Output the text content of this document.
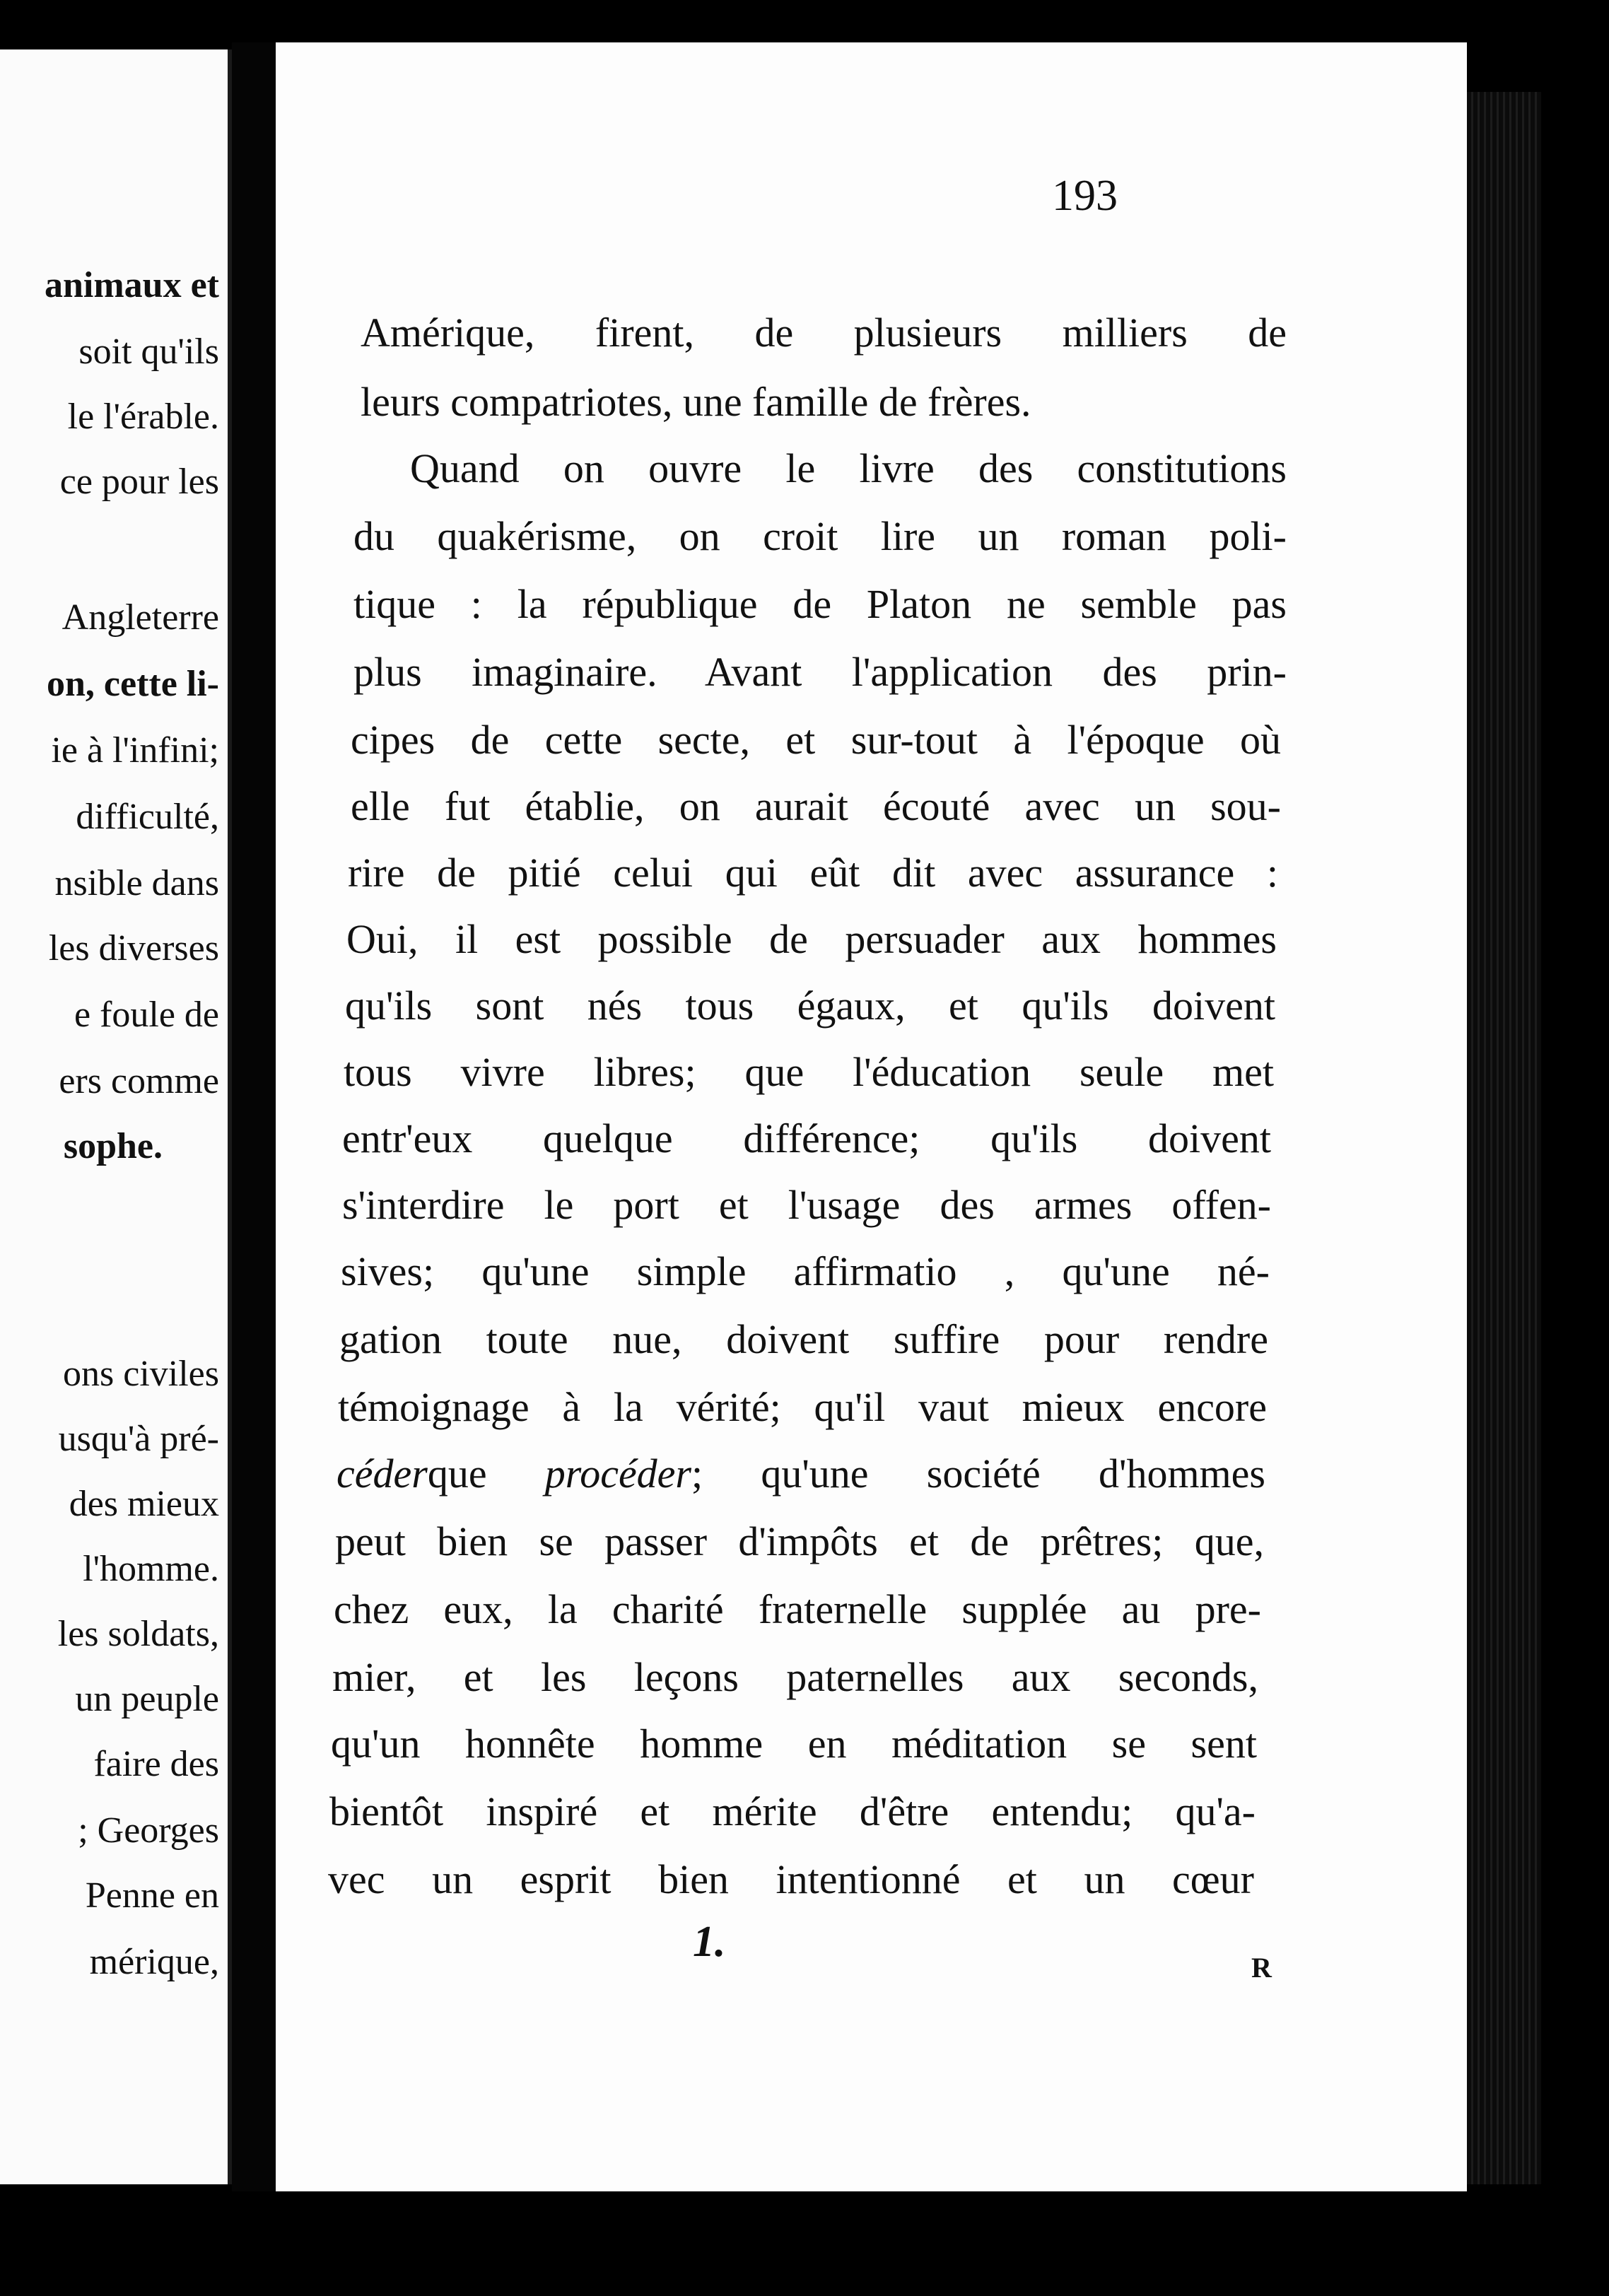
animaux et
soit qu'ils
le l'érable.
ce pour les
Angleterre
on, cette li-
ie à l'infini;
difficulté,
nsible dans
les diverses
e foule de
ers comme
sophe.
ons civiles
usqu'à pré-
des mieux
l'homme.
les soldats,
un peuple
faire des
; Georges
Penne en
mérique,
193
Amérique, firent, de plusieurs milliers de
leurs compatriotes, une famille de frères.
Quand on ouvre le livre des constitutions
du quakérisme, on croit lire un roman poli-
tique : la république de Platon ne semble pas
plus imaginaire. Avant l'application des prin-
cipes de cette secte, et sur-tout à l'époque où
elle fut établie, on aurait écouté avec un sou-
rire de pitié celui qui eût dit avec assurance :
Oui, il est possible de persuader aux hommes
qu'ils sont nés tous égaux, et qu'ils doivent
tous vivre libres; que l'éducation seule met
entr'eux quelque différence; qu'ils doivent
s'interdire le port et l'usage des armes offen-
sives; qu'une simple affirmatio , qu'une né-
gation toute nue, doivent suffire pour rendre
témoignage à la vérité; qu'il vaut mieux encore
céderque procéder; qu'une société d'hommes
peut bien se passer d'impôts et de prêtres; que,
chez eux, la charité fraternelle supplée au pre-
mier, et les leçons paternelles aux seconds,
qu'un honnête homme en méditation se sent
bientôt inspiré et mérite d'être entendu; qu'a-
vec un esprit bien intentionné et un cœur
1.
R
